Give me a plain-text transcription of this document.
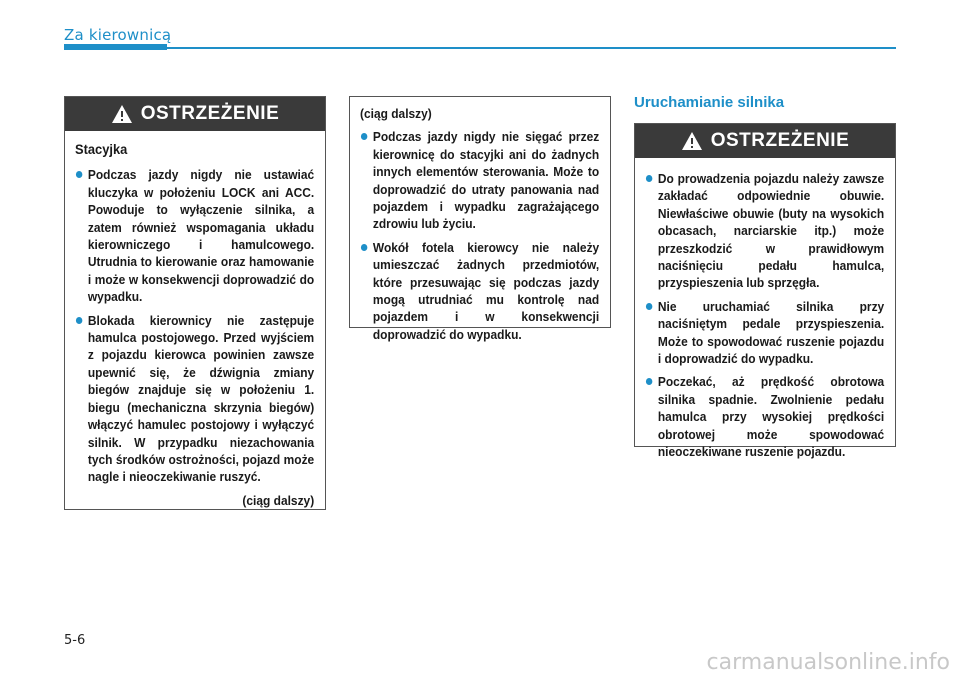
Za kierownicą
OSTRZEŻENIE
Stacyjka
Podczas jazdy nigdy nie ustawiać kluczyka w położeniu LOCK ani ACC. Powoduje to wyłączenie silnika, a zatem również wspomagania układu kierowniczego i hamulcowego. Utrudnia to kierowanie oraz hamowanie i może w konsekwencji doprowadzić do wypadku.
Blokada kierownicy nie zastępuje hamulca postojowego. Przed wyjściem z pojazdu kierowca powinien zawsze upewnić się, że dźwignia zmiany biegów znajduje się w położeniu 1. biegu (mechaniczna skrzynia biegów) włączyć hamulec postojowy i wyłączyć silnik. W przypadku niezachowania tych środków ostrożności, pojazd może nagle i nieoczekiwanie ruszyć.
(ciąg dalszy)
(ciąg dalszy)
Podczas jazdy nigdy nie sięgać przez kierownicę do stacyjki ani do żadnych innych elementów sterowania. Może to doprowadzić do utraty panowania nad pojazdem i wypadku zagrażającego zdrowiu lub życiu.
Wokół fotela kierowcy nie należy umieszczać żadnych przedmiotów, które przesuwając się podczas jazdy mogą utrudniać mu kontrolę nad pojazdem i w konsekwencji doprowadzić do wypadku.
Uruchamianie silnika
OSTRZEŻENIE
Do prowadzenia pojazdu należy zawsze zakładać odpowiednie obuwie. Niewłaściwe obuwie (buty na wysokich obcasach, narciarskie itp.) może przeszkodzić w prawidłowym naciśnięciu pedału hamulca, przyspieszenia lub sprzęgła.
Nie uruchamiać silnika przy naciśniętym pedale przyspieszenia. Może to spowodować ruszenie pojazdu i doprowadzić do wypadku.
Poczekać, aż prędkość obrotowa silnika spadnie. Zwolnienie pedału hamulca przy wysokiej prędkości obrotowej może spowodować nieoczekiwane ruszenie pojazdu.
5-6
carmanualsonline.info
